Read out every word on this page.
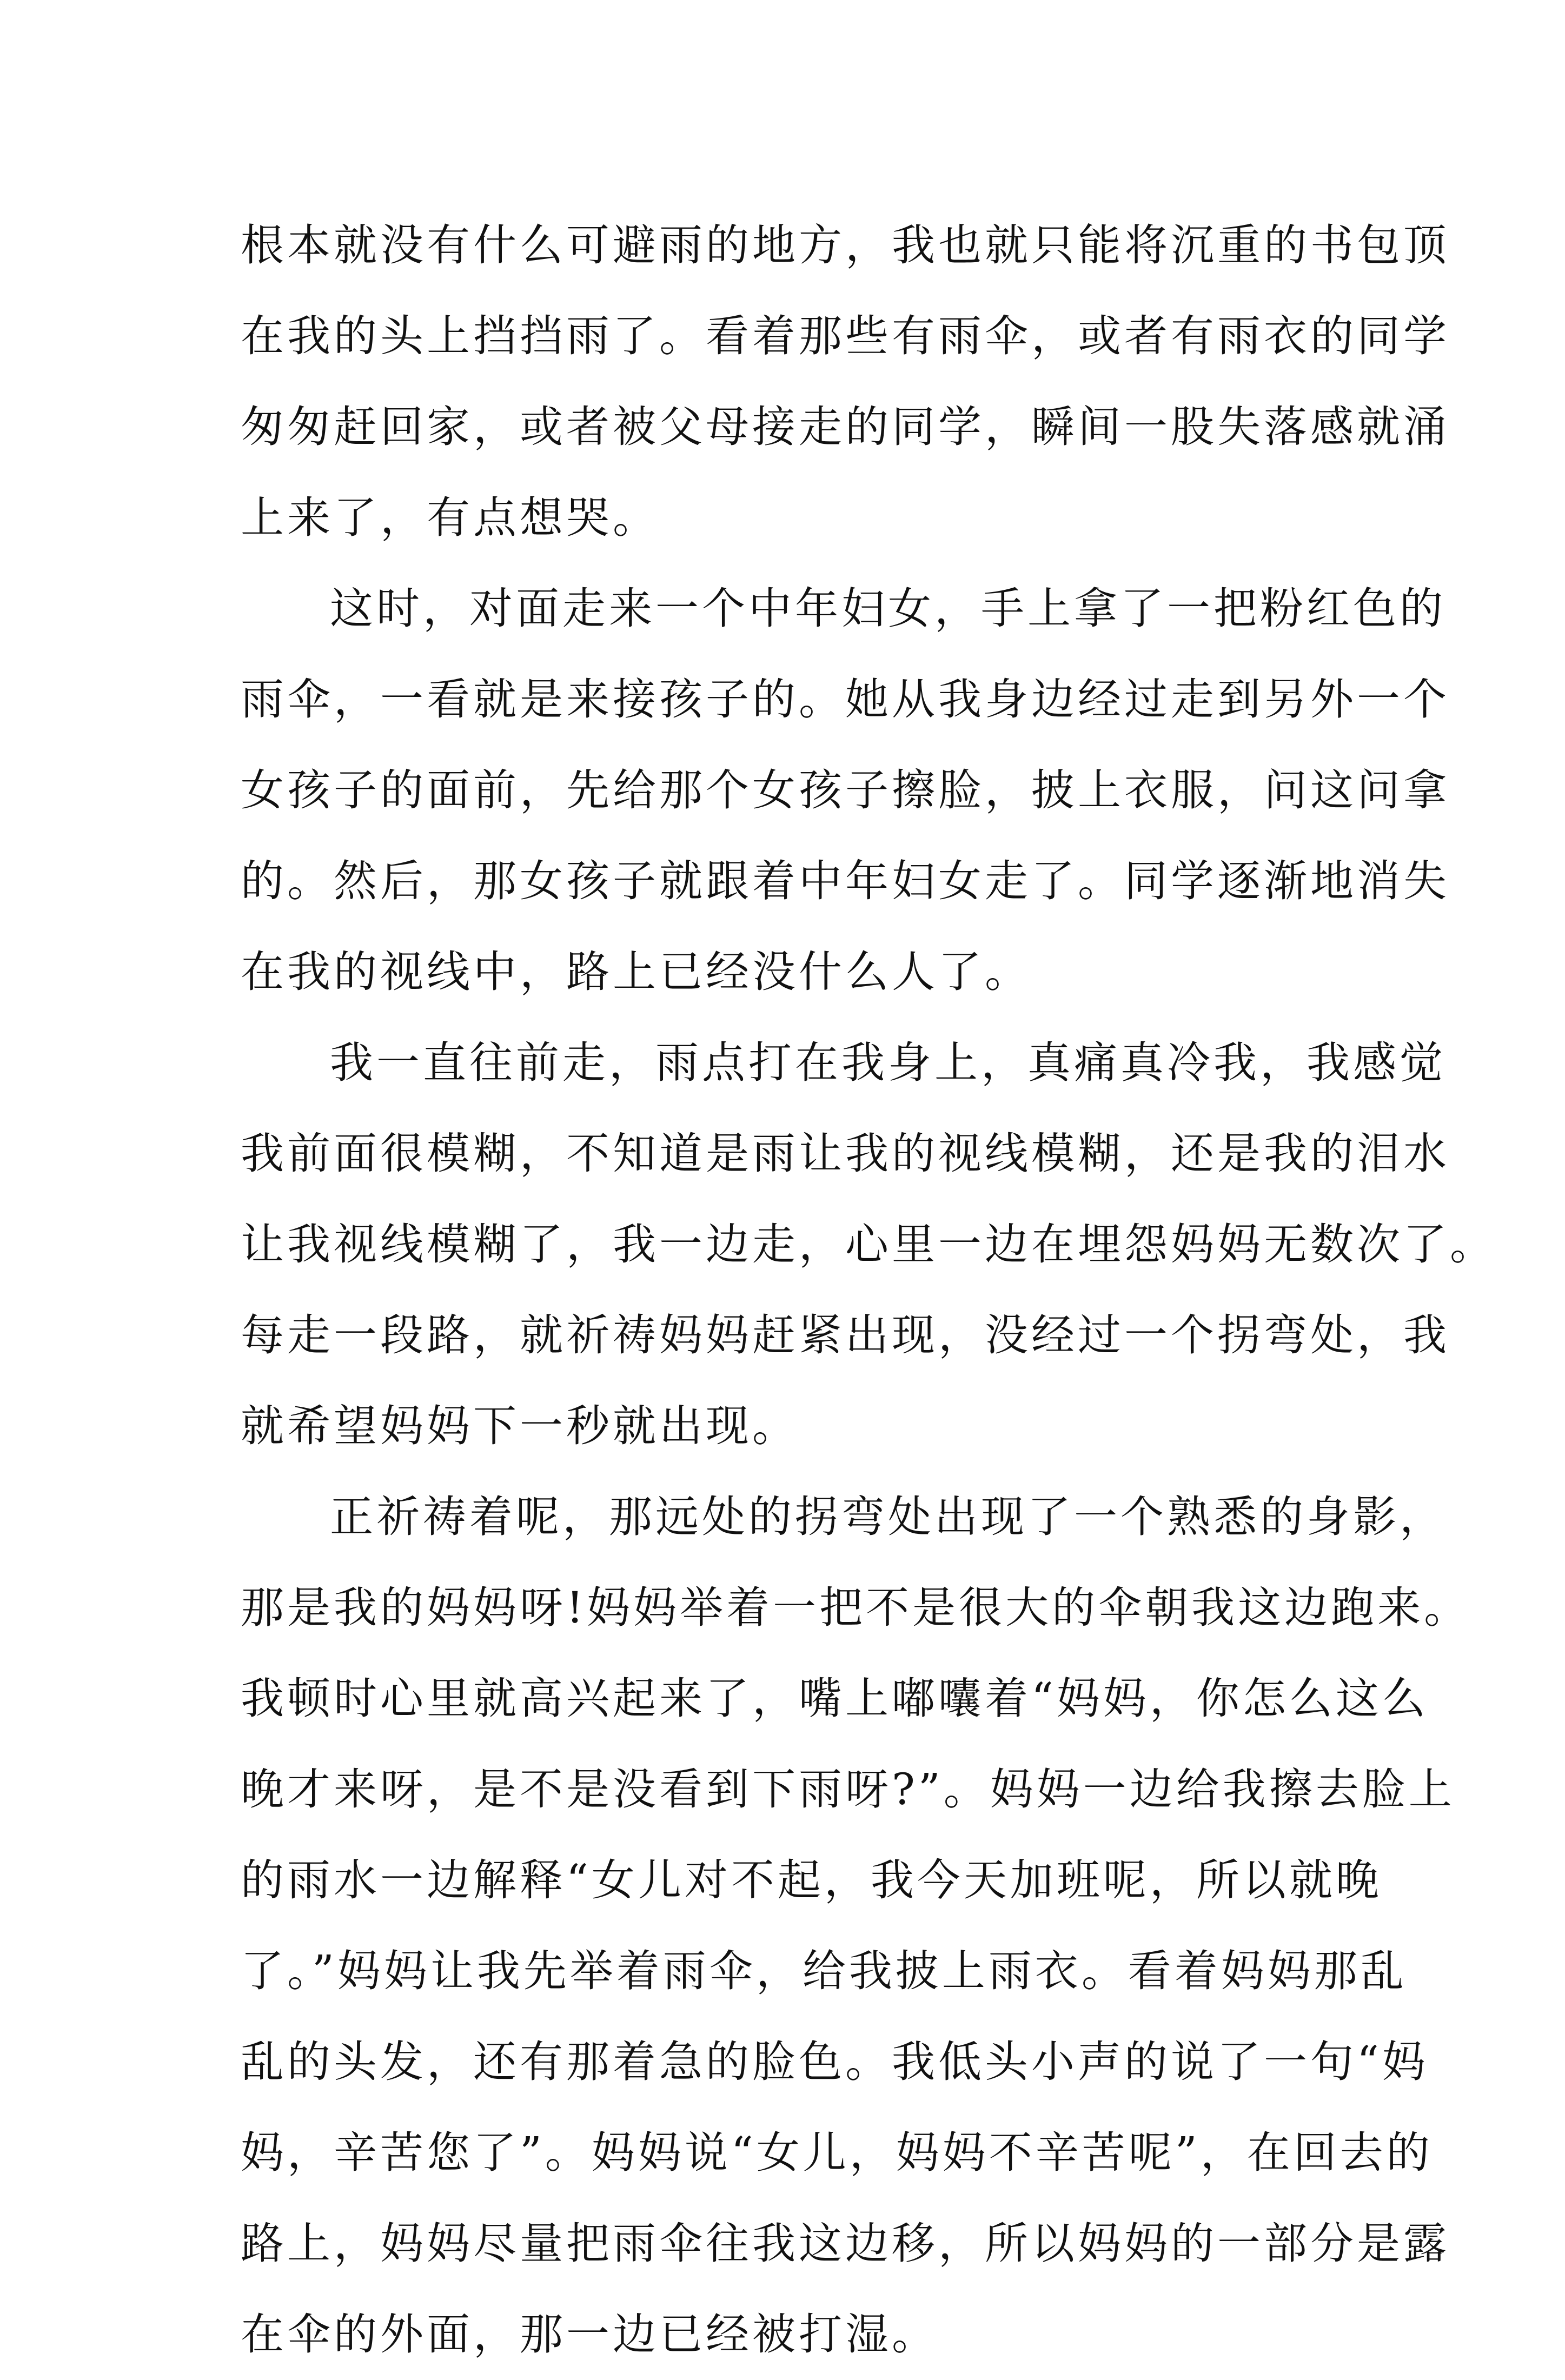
根本就没有什么可避雨的地方，我也就只能将沉重的书包顶
在我的头上挡挡雨了。看着那些有雨伞，或者有雨衣的同学
匆匆赶回家，或者被父母接走的同学，瞬间一股失落感就涌
上来了，有点想哭。
这时，对面走来一个中年妇女，手上拿了一把粉红色的
雨伞，一看就是来接孩子的。她从我身边经过走到另外一个
女孩子的面前，先给那个女孩子擦脸，披上衣服，问这问拿
的。然后，那女孩子就跟着中年妇女走了。同学逐渐地消失
在我的视线中，路上已经没什么人了。
我一直往前走，雨点打在我身上，真痛真冷我，我感觉
我前面很模糊，不知道是雨让我的视线模糊，还是我的泪水
让我视线模糊了，我一边走，心里一边在埋怨妈妈无数次了。
每走一段路，就祈祷妈妈赶紧出现，没经过一个拐弯处，我
就希望妈妈下一秒就出现。
正祈祷着呢，那远处的拐弯处出现了一个熟悉的身影，
那是我的妈妈呀!妈妈举着一把不是很大的伞朝我这边跑来。
我顿时心里就高兴起来了，嘴上嘟囔着“妈妈，你怎么这么
晚才来呀，是不是没看到下雨呀?”。妈妈一边给我擦去脸上
的雨水一边解释“女儿对不起，我今天加班呢，所以就晚
了。”妈妈让我先举着雨伞，给我披上雨衣。看着妈妈那乱
乱的头发，还有那着急的脸色。我低头小声的说了一句“妈
妈，辛苦您了”。妈妈说“女儿，妈妈不辛苦呢”，在回去的
路上，妈妈尽量把雨伞往我这边移，所以妈妈的一部分是露
在伞的外面，那一边已经被打湿。
